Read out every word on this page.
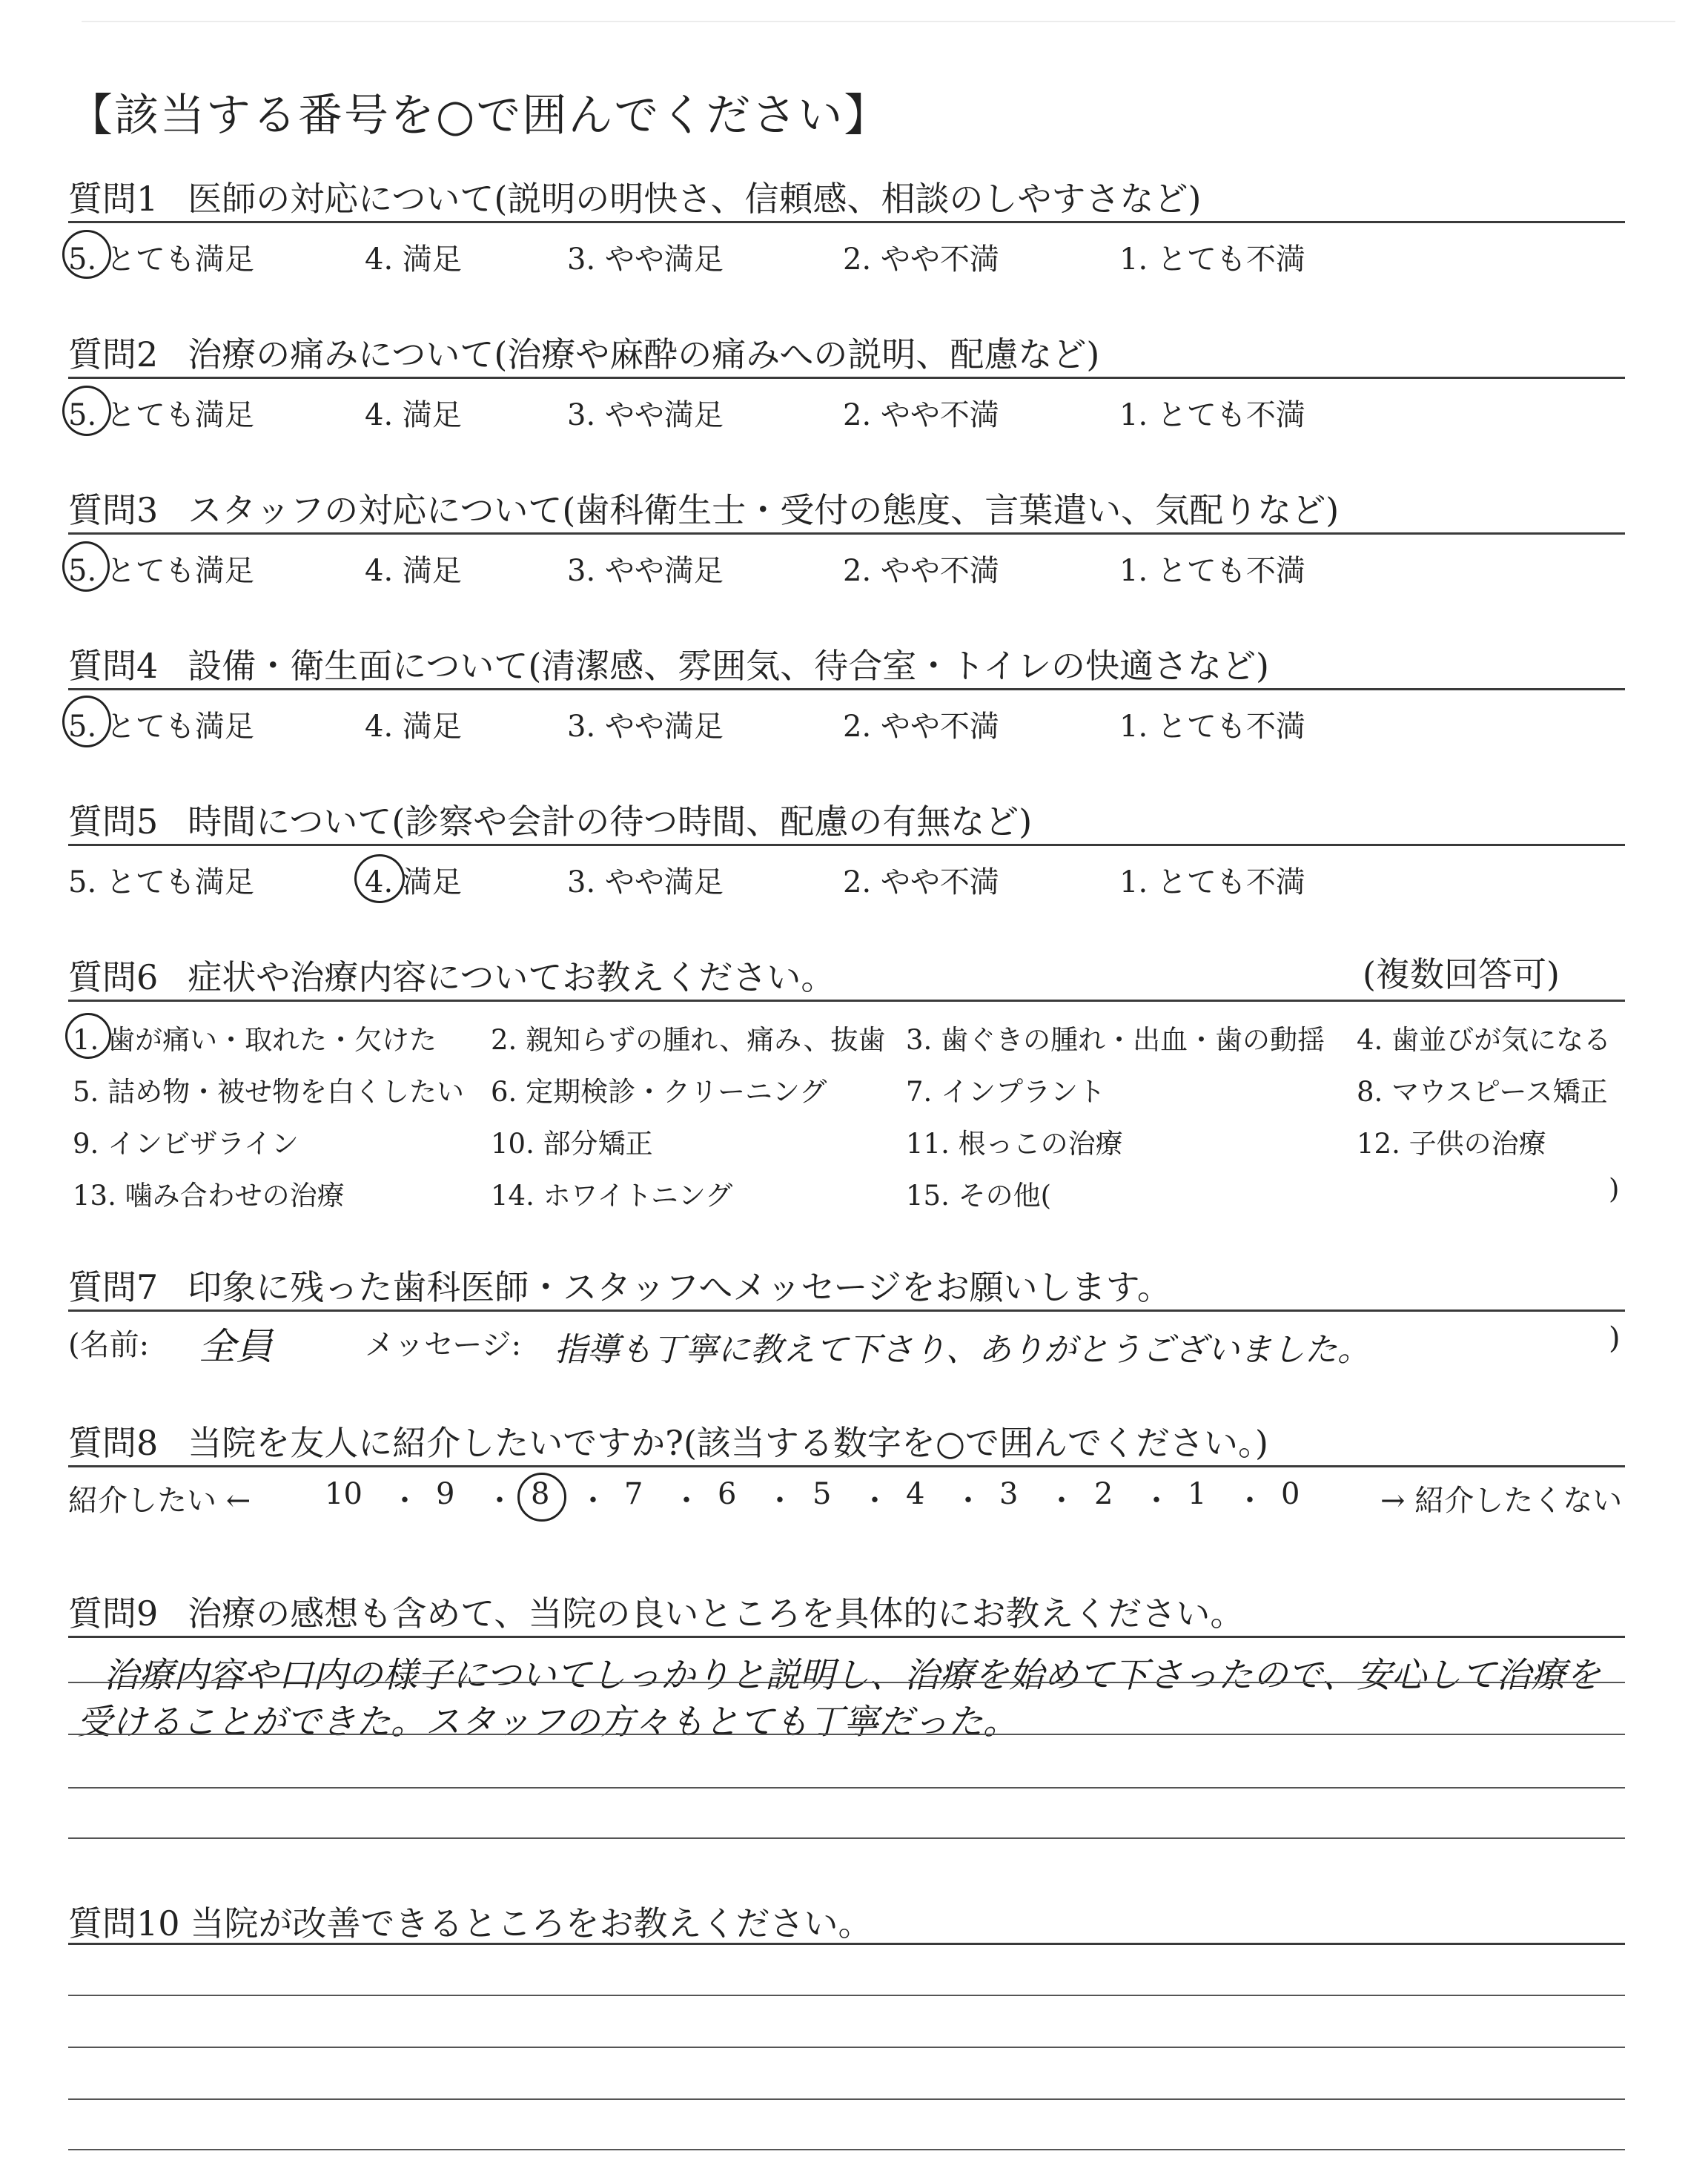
【該当する番号を○で囲んでください】
質問1 医師の対応について(説明の明快さ、信頼感、相談のしやすさなど)
5. とても満足	4. 満足	3. やや満足	2. やや不満	1. とても不満
質問2 治療の痛みについて(治療や麻酔の痛みへの説明、配慮など)
5. とても満足	4. 満足	3. やや満足	2. やや不満	1. とても不満
質問3 スタッフの対応について(歯科衛生士・受付の態度、言葉遣い、気配りなど)
5. とても満足	4. 満足	3. やや満足	2. やや不満	1. とても不満
質問4 設備・衛生面について(清潔感、雰囲気、待合室・トイレの快適さなど)
5. とても満足	4. 満足	3. やや満足	2. やや不満	1. とても不満
質問5 時間について(診察や会計の待つ時間、配慮の有無など)
5. とても満足	4. 満足	3. やや満足	2. やや不満	1. とても不満
質問6 症状や治療内容についてお教えください。	(複数回答可)
1. 歯が痛い・取れた・欠けた 2. 親知らずの腫れ、痛み、抜歯 3. 歯ぐきの腫れ・出血・歯の動揺 4. 歯並びが気になる
5. 詰め物・被せ物を白くしたい 6. 定期検診・クリーニング	7. インプラント	8. マウスピース矯正
9. インビザライン	10. 部分矯正	11. 根っこの治療	12. 子供の治療
13. 噛み合わせの治療	14. ホワイトニング	15. その他(	)
質問7 印象に残った歯科医師・スタッフへメッセージをお願いします。
(名前: 全員	メッセージ: 指導も丁寧に教えて下さり、ありがとうございました。	)
質問8 当院を友人に紹介したいですか?(該当する数字を○で囲んでください。)
紹介したい ←	→ 紹介したくない
10 ・ 9 ・ 8 ・ 7 ・ 6 ・ 5 ・ 4 ・ 3 ・ 2 ・ 1 ・ 0
質問9 治療の感想も含めて、当院の良いところを具体的にお教えください。
治療内容や口内の様子についてしっかりと説明し、治療を始めて下さったので、安心して治療を
受けることができた。スタッフの方々もとても丁寧だった。
質問10 当院が改善できるところをお教えください。
